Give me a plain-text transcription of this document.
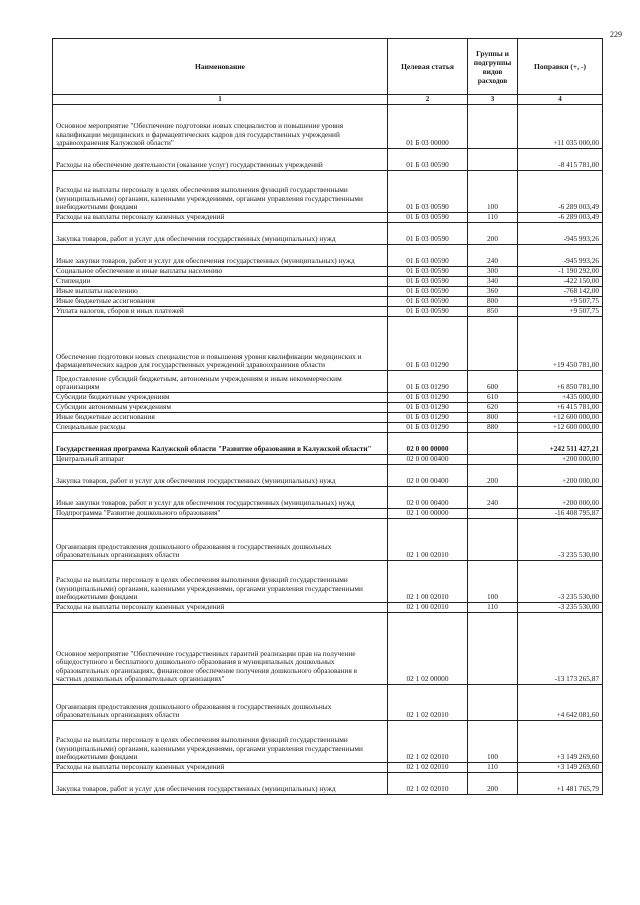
229
Наименование	Целевая статья	Группы и подгруппы видов расходов	Поправки (+, -)
1	2	3	4
Основное мероприятие "Обеспечение подготовки новых специалистов и повышение уровня квалификации медицинских и фармацевтических кадров для государственных учреждений здравоохранения Калужской области"	01 Б 03 00000		+11 035 000,00
Расходы на обеспечение деятельности (оказание услуг) государственных учреждений	01 Б 03 00590		-8 415 781,00
Расходы на выплаты персоналу в целях обеспечения выполнения функций государственными (муниципальными) органами, казенными учреждениями, органами управления государственными внебюджетными фондами	01 Б 03 00590	100	-6 289 003,49
Расходы на выплаты персоналу казенных учреждений	01 Б 03 00590	110	-6 289 003,49
Закупка товаров, работ и услуг для обеспечения государственных (муниципальных) нужд	01 Б 03 00590	200	-945 993,26
Иные закупки товаров, работ и услуг для обеспечения государственных (муниципальных) нужд	01 Б 03 00590	240	-945 993,26
Социальное обеспечение и иные выплаты населению	01 Б 03 00590	300	-1 190 292,00
Стипендии	01 Б 03 00590	340	-422 150,00
Иные выплаты населению	01 Б 03 00590	360	-768 142,00
Иные бюджетные ассигнования	01 Б 03 00590	800	+9 507,75
Уплата налогов, сборов и иных платежей	01 Б 03 00590	850	+9 507,75
Обеспечение подготовки новых специалистов и повышения уровня квалификации медицинских и фармацевтических кадров для государственных учреждений здравоохранения области	01 Б 03 01290		+19 450 781,00
Предоставление субсидий бюджетным, автономным учреждениям и иным некоммерческим организациям	01 Б 03 01290	600	+6 850 781,00
Субсидии бюджетным учреждениям	01 Б 03 01290	610	+435 000,00
Субсидии автономным учреждениям	01 Б 03 01290	620	+6 415 781,00
Иные бюджетные ассигнования	01 Б 03 01290	800	+12 600 000,00
Специальные расходы	01 Б 03 01290	880	+12 600 000,00
Государственная программа Калужской области "Развитие образования в Калужской области"	02 0 00 00000		+242 511 427,21
Центральный аппарат	02 0 00 00400		+200 000,00
Закупка товаров, работ и услуг для обеспечения государственных (муниципальных) нужд	02 0 00 00400	200	+200 000,00
Иные закупки товаров, работ и услуг для обеспечения государственных (муниципальных) нужд	02 0 00 00400	240	+200 000,00
Подпрограмма "Развитие дошкольного образования"	02 1 00 00000		-16 408 795,87
Организация предоставления дошкольного образования в государственных дошкольных образовательных организациях области	02 1 00 02010		-3 235 530,00
Расходы на выплаты персоналу в целях обеспечения выполнения функций государственными (муниципальными) органами, казенными учреждениями, органами управления государственными внебюджетными фондами	02 1 00 02010	100	-3 235 530,00
Расходы на выплаты персоналу казенных учреждений	02 1 00 02010	110	-3 235 530,00
Основное мероприятие "Обеспечение государственных гарантий реализации прав на получение общедоступного и бесплатного дошкольного образования в муниципальных дошкольных образовательных организациях, финансовое обеспечение получения дошкольного образования в частных дошкольных образовательных организациях"	02 1 02 00000		-13 173 265,87
Организация предоставления дошкольного образования в государственных дошкольных образовательных организациях области	02 1 02 02010		+4 642 081,60
Расходы на выплаты персоналу в целях обеспечения выполнения функций государственными (муниципальными) органами, казенными учреждениями, органами управления государственными внебюджетными фондами	02 1 02 02010	100	+3 149 269,60
Расходы на выплаты персоналу казенных учреждений	02 1 02 02010	110	+3 149 269,60
Закупка товаров, работ и услуг для обеспечения государственных (муниципальных) нужд	02 1 02 02010	200	+1 481 765,79
